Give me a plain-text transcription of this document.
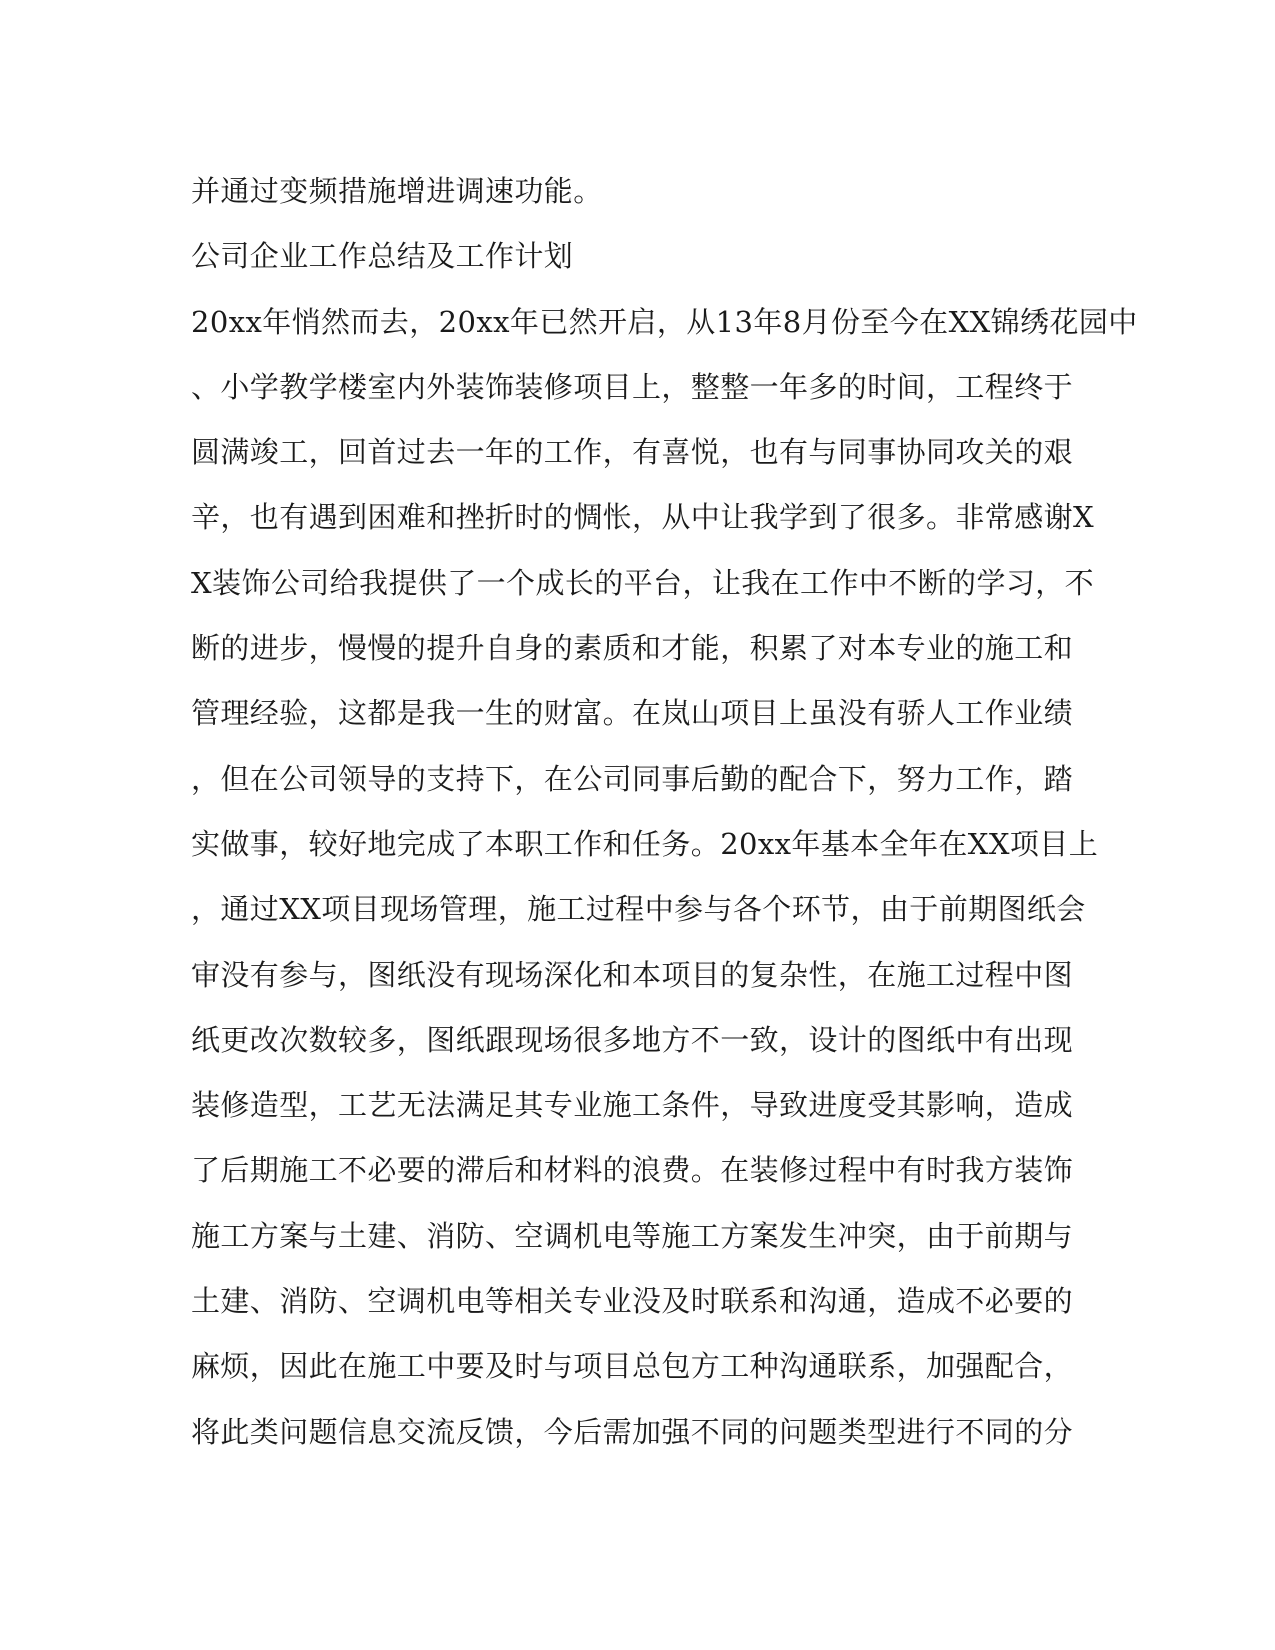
并通过变频措施增进调速功能。
公司企业工作总结及工作计划
20xx年悄然而去，20xx年已然开启，从13年8月份至今在XX锦绣花园中
、小学教学楼室内外装饰装修项目上，整整一年多的时间，工程终于
圆满竣工，回首过去一年的工作，有喜悦，也有与同事协同攻关的艰
辛，也有遇到困难和挫折时的惆怅，从中让我学到了很多。非常感谢X
X装饰公司给我提供了一个成长的平台，让我在工作中不断的学习，不
断的进步，慢慢的提升自身的素质和才能，积累了对本专业的施工和
管理经验，这都是我一生的财富。在岚山项目上虽没有骄人工作业绩
，但在公司领导的支持下，在公司同事后勤的配合下，努力工作，踏
实做事，较好地完成了本职工作和任务。20xx年基本全年在XX项目上
，通过XX项目现场管理，施工过程中参与各个环节，由于前期图纸会
审没有参与，图纸没有现场深化和本项目的复杂性，在施工过程中图
纸更改次数较多，图纸跟现场很多地方不一致，设计的图纸中有出现
装修造型，工艺无法满足其专业施工条件，导致进度受其影响，造成
了后期施工不必要的滞后和材料的浪费。在装修过程中有时我方装饰
施工方案与土建、消防、空调机电等施工方案发生冲突，由于前期与
土建、消防、空调机电等相关专业没及时联系和沟通，造成不必要的
麻烦，因此在施工中要及时与项目总包方工种沟通联系，加强配合，
将此类问题信息交流反馈，今后需加强不同的问题类型进行不同的分
